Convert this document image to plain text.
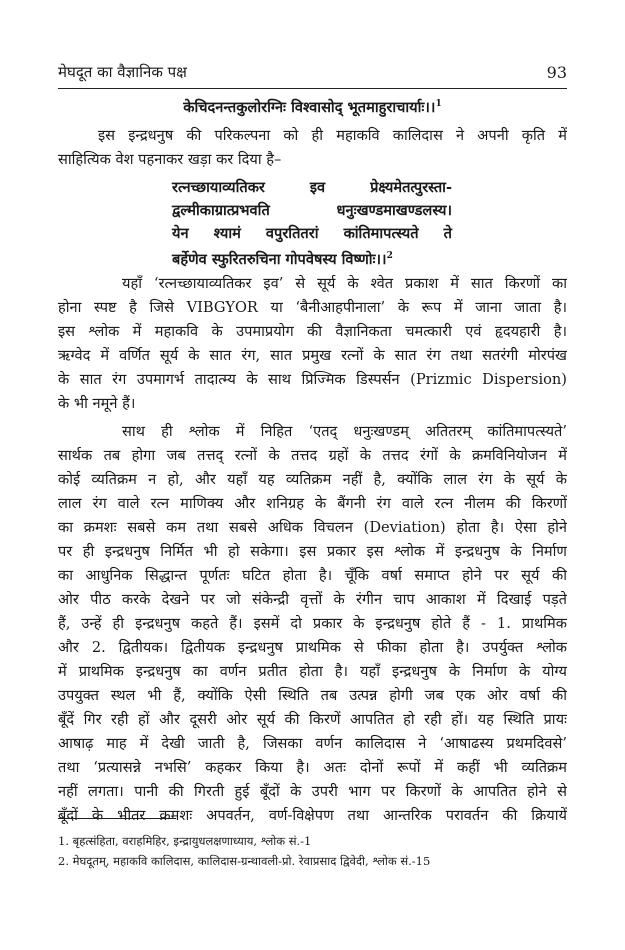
मेघदूत का वैज्ञानिक पक्ष	93
केचिदनन्तकुलोरग्निः विश्वासोद् भूतमाहुराचार्याः।।$^1$
इस इन्द्रधनुष की परिकल्पना को ही महाकवि कालिदास ने अपनी कृति में
साहित्यिक वेश पहनाकर खड़ा कर दिया है–
रत्नच्छायाव्यतिकर इव प्रेक्ष्यमेतत्पुरस्ता-
द्वल्मीकाग्रात्प्रभवति धनुःखण्डमाखण्डलस्य।
येन श्यामं वपुरतितरां कांतिमापत्स्यते ते
बर्हेणेव स्फुरितरुचिना गोपवेषस्य विष्णोः।।$^2$
यहाँ ‘रत्नच्छायाव्यतिकर इव’ से सूर्य के श्वेत प्रकाश में सात किरणों का
होना स्पष्ट है जिसे VIBGYOR या ‘बैनीआहपीनाला’ के रूप में जाना जाता है।
इस श्लोक में महाकवि के उपमाप्रयोग की वैज्ञानिकता चमत्कारी एवं हृदयहारी है।
ऋग्वेद में वर्णित सूर्य के सात रंग, सात प्रमुख रत्नों के सात रंग तथा सतरंगी मोरपंख
के सात रंग उपमागर्भ तादात्म्य के साथ प्रिज्मिक डिस्पर्सन (Prizmic Dispersion)
के भी नमूने हैं।
साथ ही श्लोक में निहित ‘एतद् धनुःखण्डम् अतितरम् कांतिमापत्स्यते’
सार्थक तब होगा जब तत्तद् रत्नों के तत्तद ग्रहों के तत्तद रंगों के क्रमविनियोजन में
कोई व्यतिक्रम न हो, और यहाँ यह व्यतिक्रम नहीं है, क्योंकि लाल रंग के सूर्य के
लाल रंग वाले रत्न माणिक्य और शनिग्रह के बैंगनी रंग वाले रत्न नीलम की किरणों
का क्रमशः सबसे कम तथा सबसे अधिक विचलन (Deviation) होता है। ऐसा होने
पर ही इन्द्रधनुष निर्मित भी हो सकेगा। इस प्रकार इस श्लोक में इन्द्रधनुष के निर्माण
का आधुनिक सिद्धान्त पूर्णतः घटित होता है। चूँकि वर्षा समाप्त होने पर सूर्य की
ओर पीठ करके देखने पर जो संकेन्द्री वृत्तों के रंगीन चाप आकाश में दिखाई पड़ते
हैं, उन्हें ही इन्द्रधनुष कहते हैं। इसमें दो प्रकार के इन्द्रधनुष होते हैं - 1. प्राथमिक
और 2. द्वितीयक। द्वितीयक इन्द्रधनुष प्राथमिक से फीका होता है। उपर्युक्त श्लोक
में प्राथमिक इन्द्रधनुष का वर्णन प्रतीत होता है। यहाँ इन्द्रधनुष के निर्माण के योग्य
उपयुक्त स्थल भी हैं, क्योंकि ऐसी स्थिति तब उत्पन्न होगी जब एक ओर वर्षा की
बूँदें गिर रही हों और दूसरी ओर सूर्य की किरणें आपतित हो रही हों। यह स्थिति प्रायः
आषाढ़ माह में देखी जाती है, जिसका वर्णन कालिदास ने ‘आषाढस्य प्रथमदिवसे’
तथा ‘प्रत्यासन्ने नभसि’ कहकर किया है। अतः दोनों रूपों में कहीं भी व्यतिक्रम
नहीं लगता। पानी की गिरती हुई बूँदों के उपरी भाग पर किरणों के आपतित होने से
बूँदों के भीतर क्रमशः अपवर्तन, वर्ण-विक्षेपण तथा आन्तरिक परावर्तन की क्रियायें
1. बृहत्संहिता, वराहमिहिर, इन्द्रायुधलक्षणाध्याय, श्लोक सं.-1
2. मेघदूतम्, महाकवि कालिदास, कालिदास-ग्रन्थावली-प्रो. रेवाप्रसाद द्विवेदी, श्लोक सं.-15
